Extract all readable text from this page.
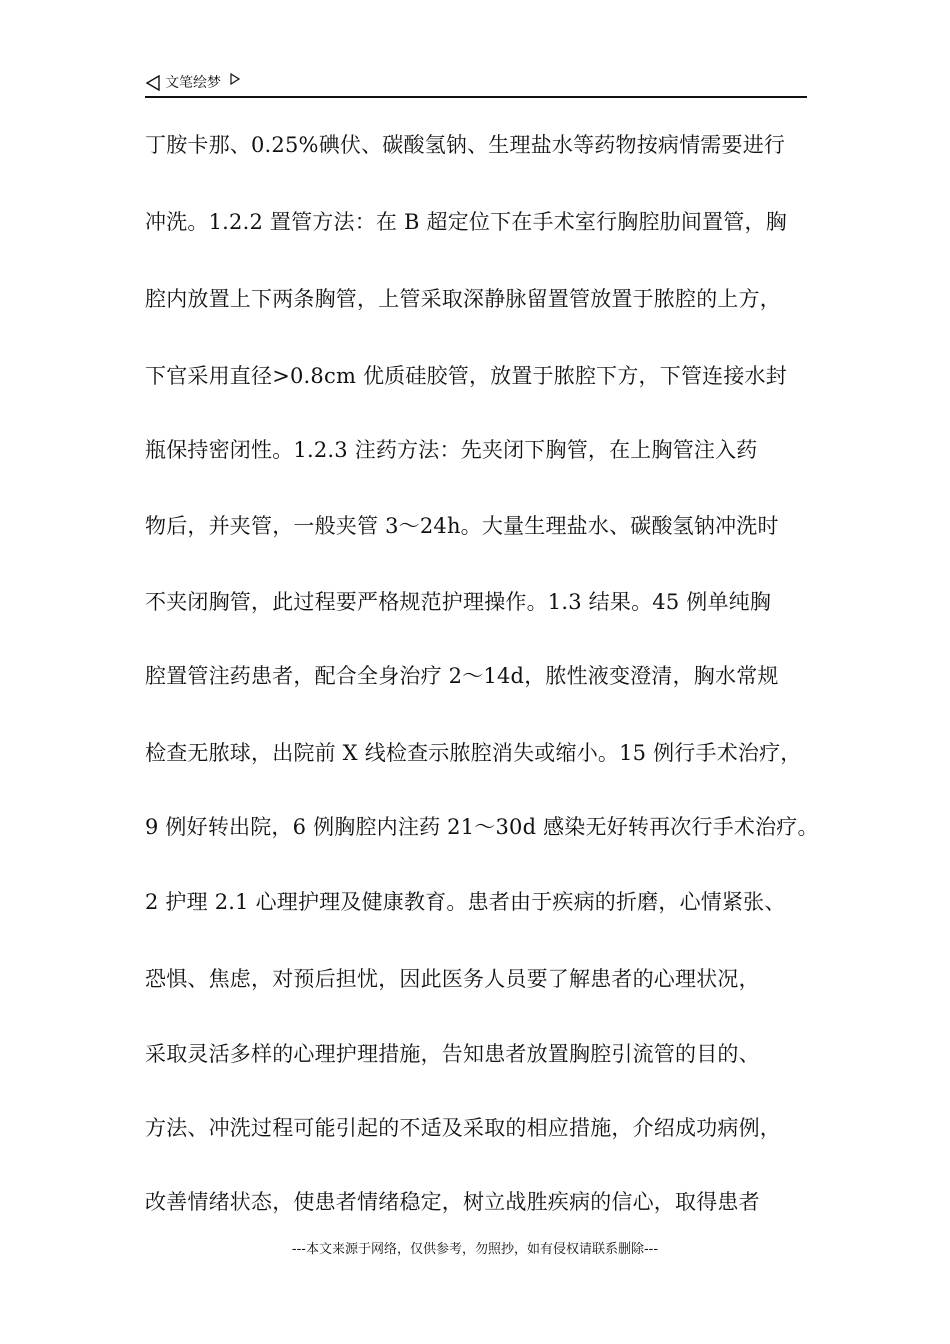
文笔绘梦
丁胺卡那、0.25%碘伏、碳酸氢钠、生理盐水等药物按病情需要进行
冲洗。1.2.2 置管方法：在 B 超定位下在手术室行胸腔肋间置管，胸
腔内放置上下两条胸管，上管采取深静脉留置管放置于脓腔的上方，
下官采用直径>0.8cm 优质硅胶管，放置于脓腔下方，下管连接水封
瓶保持密闭性。1.2.3 注药方法：先夹闭下胸管，在上胸管注入药
物后，并夹管，一般夹管 3～24h。大量生理盐水、碳酸氢钠冲洗时
不夹闭胸管，此过程要严格规范护理操作。1.3 结果。45 例单纯胸
腔置管注药患者，配合全身治疗 2～14d，脓性液变澄清，胸水常规
检查无脓球，出院前 X 线检查示脓腔消失或缩小。15 例行手术治疗，
9 例好转出院，6 例胸腔内注药 21～30d 感染无好转再次行手术治疗。
2 护理 2.1 心理护理及健康教育。患者由于疾病的折磨，心情紧张、
恐惧、焦虑，对预后担忧，因此医务人员要了解患者的心理状况，
采取灵活多样的心理护理措施，告知患者放置胸腔引流管的目的、
方法、冲洗过程可能引起的不适及采取的相应措施，介绍成功病例，
改善情绪状态，使患者情绪稳定，树立战胜疾病的信心，取得患者
---本文来源于网络，仅供参考，勿照抄，如有侵权请联系删除---
